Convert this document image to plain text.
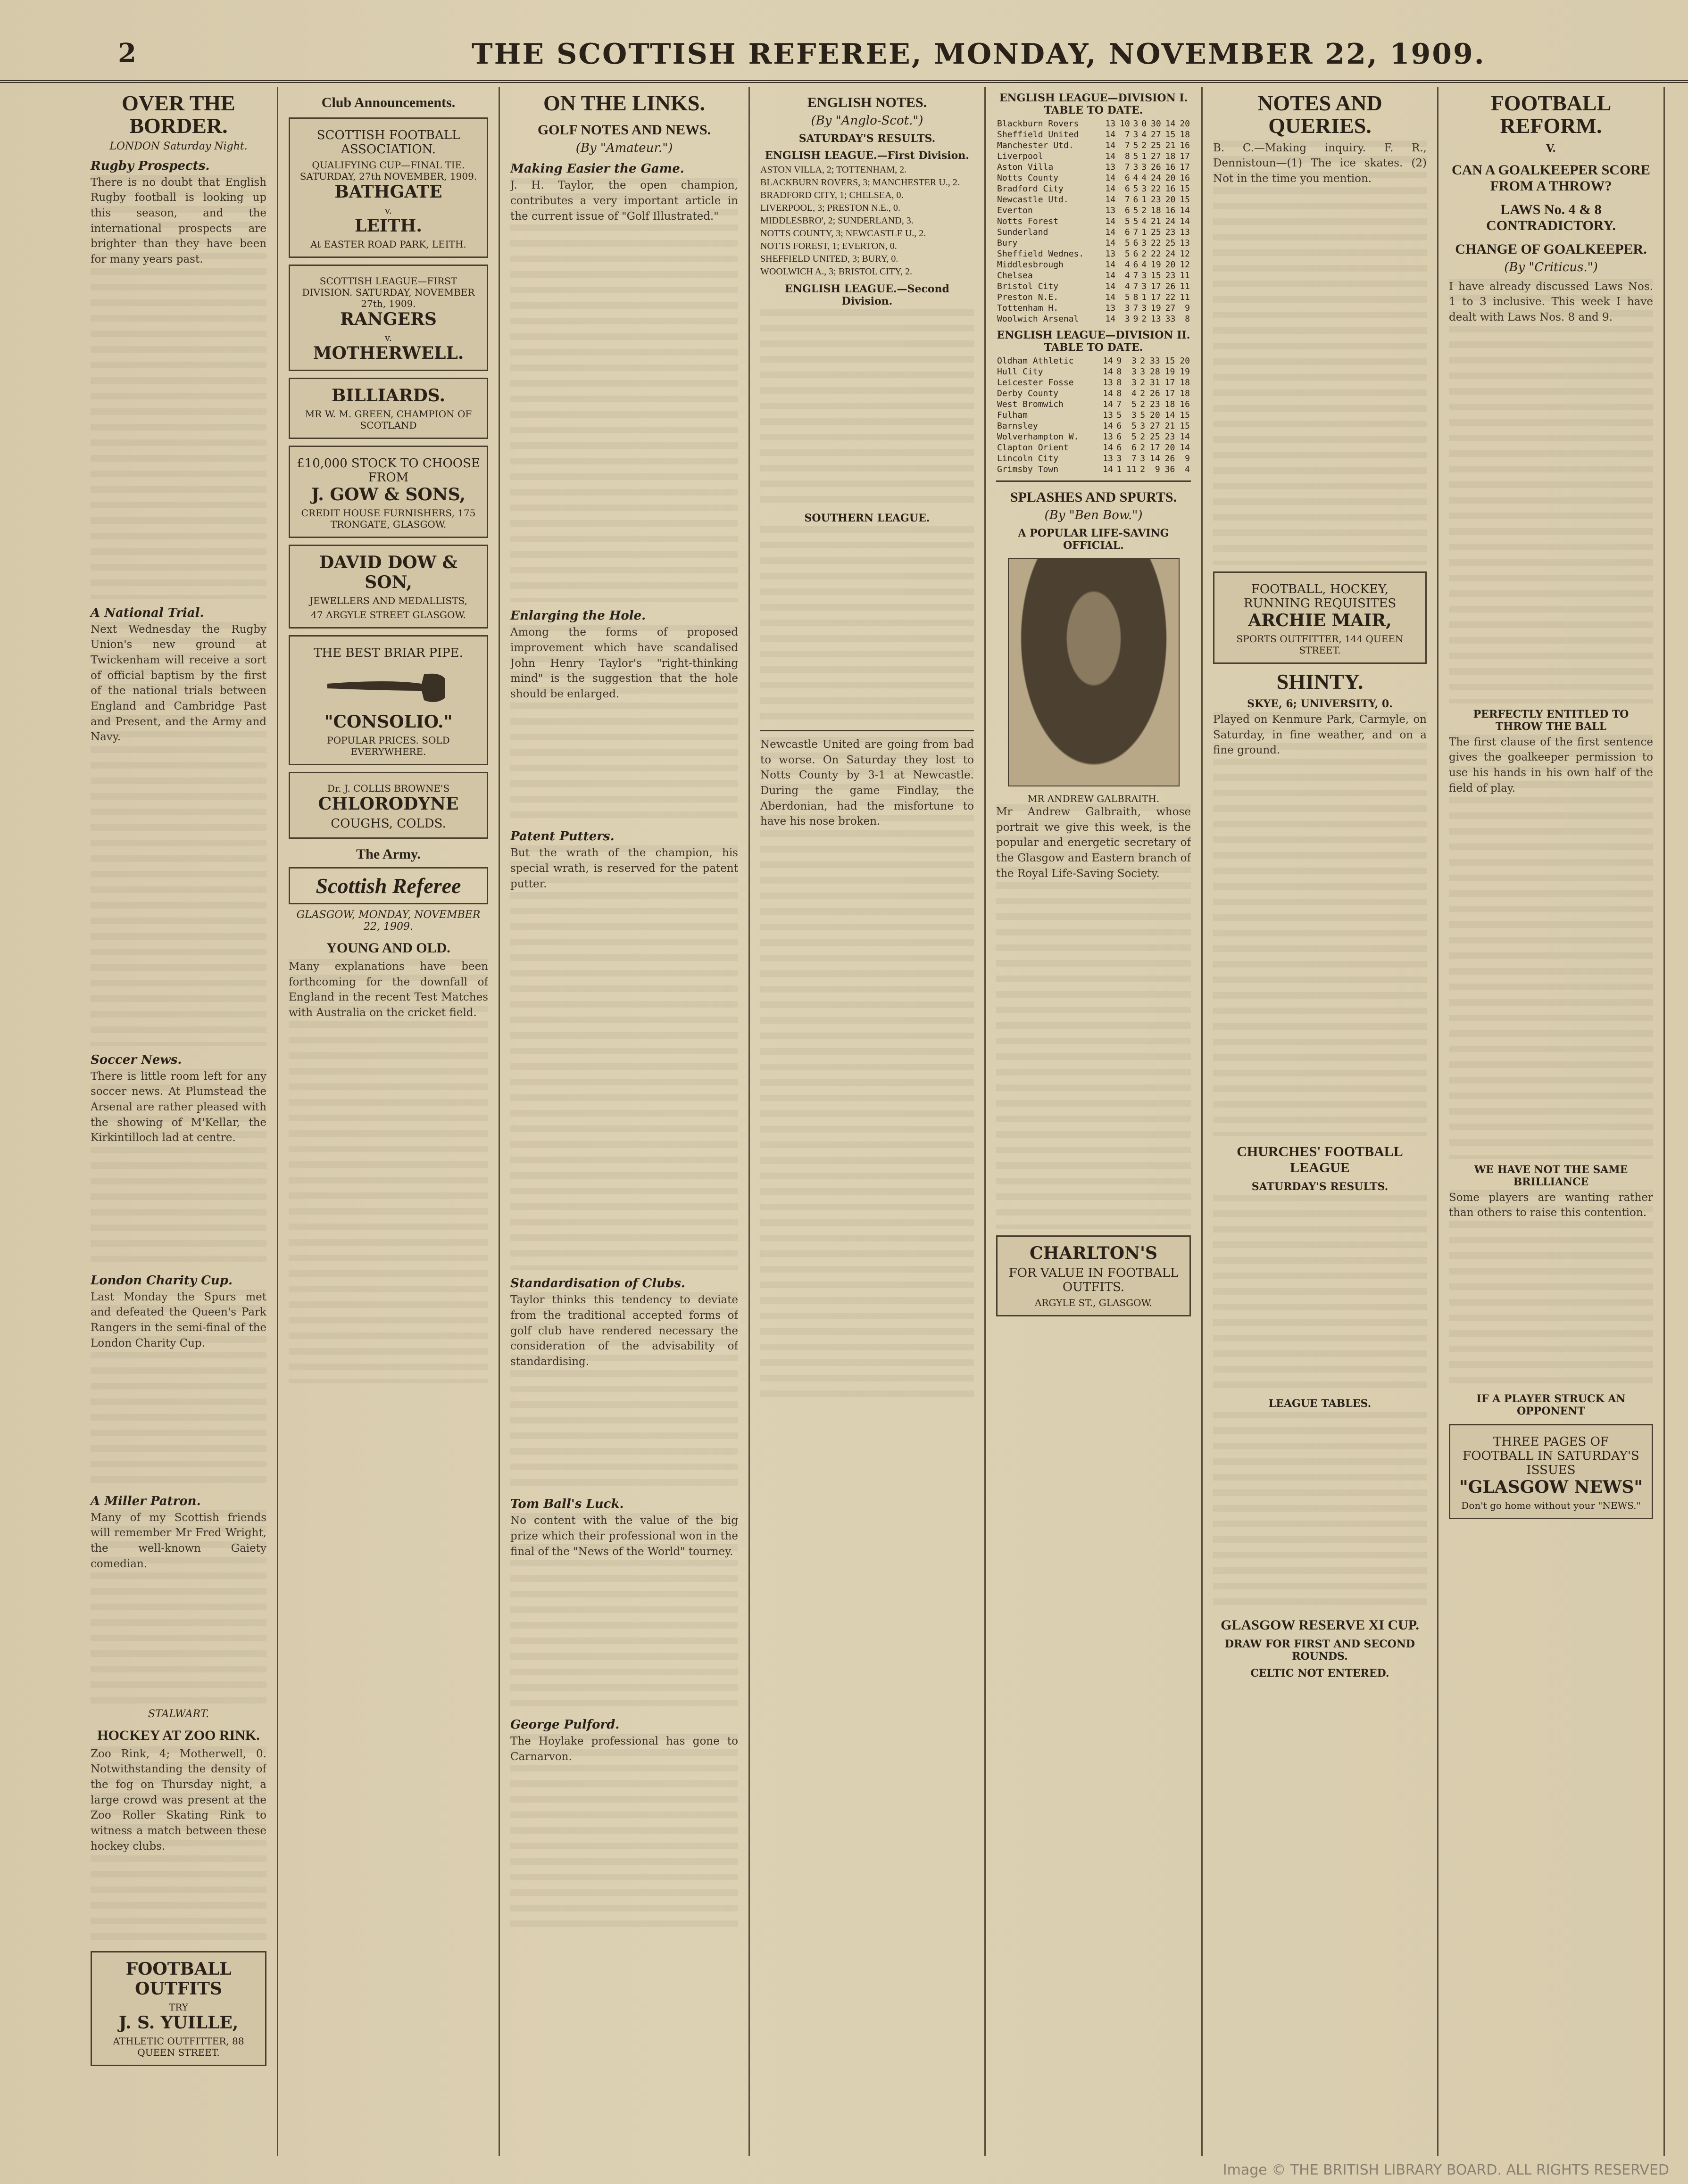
2	THE SCOTTISH REFEREE, MONDAY, NOVEMBER 22, 1909.
OVER THE BORDER.
LONDON Saturday Night.
Rugby Prospects.
There is no doubt that English Rugby football is looking up this season, and the international prospects are brighter than they have been for many years past.
A National Trial.
Next Wednesday the Rugby Union's new ground at Twickenham will receive a sort of official baptism by the first of the national trials between England and Cambridge Past and Present, and the Army and Navy.
Soccer News.
There is little room left for any soccer news. At Plumstead the Arsenal are rather pleased with the showing of M'Kellar, the Kirkintilloch lad at centre.
London Charity Cup.
Last Monday the Spurs met and defeated the Queen's Park Rangers in the semi-final of the London Charity Cup.
A Miller Patron.
Many of my Scottish friends will remember Mr Fred Wright, the well-known Gaiety comedian.
STALWART.
HOCKEY AT ZOO RINK.
Zoo Rink, 4; Motherwell, 0. Notwithstanding the density of the fog on Thursday night, a large crowd was present at the Zoo Roller Skating Rink to witness a match between these hockey clubs.
FOOTBALL OUTFITS
TRY
J. S. YUILLE,
ATHLETIC OUTFITTER, 88 QUEEN STREET.
Club Announcements.
SCOTTISH FOOTBALL ASSOCIATION.
QUALIFYING CUP—FINAL TIE. SATURDAY, 27th NOVEMBER, 1909.
BATHGATE
v.
LEITH.
At EASTER ROAD PARK, LEITH.
SCOTTISH LEAGUE—FIRST DIVISION. SATURDAY, NOVEMBER 27th, 1909.
RANGERS
v.
MOTHERWELL.
BILLIARDS.
MR W. M. GREEN, CHAMPION OF SCOTLAND
£10,000 STOCK TO CHOOSE FROM
J. GOW & SONS,
CREDIT HOUSE FURNISHERS, 175 TRONGATE, GLASGOW.
DAVID DOW & SON,
JEWELLERS AND MEDALLISTS,
47 ARGYLE STREET GLASGOW.
THE BEST BRIAR PIPE.
"CONSOLIO."
POPULAR PRICES. SOLD EVERYWHERE.
Dr. J. COLLIS BROWNE'S
CHLORODYNE
COUGHS, COLDS.
The Army.
Scottish Referee
GLASGOW, MONDAY, NOVEMBER 22, 1909.
YOUNG AND OLD.
Many explanations have been forthcoming for the downfall of England in the recent Test Matches with Australia on the cricket field.
ON THE LINKS.
GOLF NOTES AND NEWS.
(By "Amateur.")
Making Easier the Game.
J. H. Taylor, the open champion, contributes a very important article in the current issue of "Golf Illustrated."
Enlarging the Hole.
Among the forms of proposed improvement which have scandalised John Henry Taylor's "right-thinking mind" is the suggestion that the hole should be enlarged.
Patent Putters.
But the wrath of the champion, his special wrath, is reserved for the patent putter.
Standardisation of Clubs.
Taylor thinks this tendency to deviate from the traditional accepted forms of golf club have rendered necessary the consideration of the advisability of standardising.
Tom Ball's Luck.
No content with the value of the big prize which their professional won in the final of the "News of the World" tourney.
George Pulford.
The Hoylake professional has gone to Carnarvon.
ENGLISH NOTES.
(By "Anglo-Scot.")
SATURDAY'S RESULTS.
ENGLISH LEAGUE.—First Division.
ASTON VILLA, 2; TOTTENHAM, 2.
BLACKBURN ROVERS, 3; MANCHESTER U., 2.
BRADFORD CITY, 1; CHELSEA, 0.
LIVERPOOL, 3; PRESTON N.E., 0.
MIDDLESBRO', 2; SUNDERLAND, 3.
NOTTS COUNTY, 3; NEWCASTLE U., 2.
NOTTS FOREST, 1; EVERTON, 0.
SHEFFIELD UNITED, 3; BURY, 0.
WOOLWICH A., 3; BRISTOL CITY, 2.
ENGLISH LEAGUE.—Second Division.
SOUTHERN LEAGUE.
Newcastle United are going from bad to worse. On Saturday they lost to Notts County by 3-1 at Newcastle. During the game Findlay, the Aberdonian, had the misfortune to have his nose broken.
ENGLISH LEAGUE—DIVISION I. TABLE TO DATE.
Blackburn Rovers	13	10	3	0	30	14	20
Sheffield United	14	7	3	4	27	15	18
Manchester Utd.	14	7	5	2	25	21	16
Liverpool	14	8	5	1	27	18	17
Aston Villa	13	7	3	3	26	16	17
Notts County	14	6	4	4	24	20	16
Bradford City	14	6	5	3	22	16	15
Newcastle Utd.	14	7	6	1	23	20	15
Everton	13	6	5	2	18	16	14
Notts Forest	14	5	5	4	21	24	14
Sunderland	14	6	7	1	25	23	13
Bury	14	5	6	3	22	25	13
Sheffield Wednes.	13	5	6	2	22	24	12
Middlesbrough	14	4	6	4	19	20	12
Chelsea	14	4	7	3	15	23	11
Bristol City	14	4	7	3	17	26	11
Preston N.E.	14	5	8	1	17	22	11
Tottenham H.	13	3	7	3	19	27	9
Woolwich Arsenal	14	3	9	2	13	33	8
ENGLISH LEAGUE—DIVISION II. TABLE TO DATE.
Oldham Athletic	14	9	3	2	33	15	20
Hull City	14	8	3	3	28	19	19
Leicester Fosse	13	8	3	2	31	17	18
Derby County	14	8	4	2	26	17	18
West Bromwich	14	7	5	2	23	18	16
Fulham	13	5	3	5	20	14	15
Barnsley	14	6	5	3	27	21	15
Wolverhampton W.	13	6	5	2	25	23	14
Clapton Orient	14	6	6	2	17	20	14
Lincoln City	13	3	7	3	14	26	9
Grimsby Town	14	1	11	2	9	36	4
SPLASHES AND SPURTS.
(By "Ben Bow.")
A POPULAR LIFE-SAVING OFFICIAL.
MR ANDREW GALBRAITH.
Mr Andrew Galbraith, whose portrait we give this week, is the popular and energetic secretary of the Glasgow and Eastern branch of the Royal Life-Saving Society.
CHARLTON'S
FOR VALUE IN FOOTBALL OUTFITS.
ARGYLE ST., GLASGOW.
NOTES AND QUERIES.
B. C.—Making inquiry. F. R., Dennistoun—(1) The ice skates. (2) Not in the time you mention.
FOOTBALL, HOCKEY, RUNNING REQUISITES
ARCHIE MAIR,
SPORTS OUTFITTER, 144 QUEEN STREET.
SHINTY.
SKYE, 6; UNIVERSITY, 0.
Played on Kenmure Park, Carmyle, on Saturday, in fine weather, and on a fine ground.
CHURCHES' FOOTBALL LEAGUE
SATURDAY'S RESULTS.
LEAGUE TABLES.
GLASGOW RESERVE XI CUP.
DRAW FOR FIRST AND SECOND ROUNDS.
CELTIC NOT ENTERED.
FOOTBALL REFORM.
V.
CAN A GOALKEEPER SCORE FROM A THROW?
LAWS No. 4 & 8 CONTRADICTORY.
CHANGE OF GOALKEEPER.
(By "Criticus.")
I have already discussed Laws Nos. 1 to 3 inclusive. This week I have dealt with Laws Nos. 8 and 9.
PERFECTLY ENTITLED TO THROW THE BALL
The first clause of the first sentence gives the goalkeeper permission to use his hands in his own half of the field of play.
WE HAVE NOT THE SAME BRILLIANCE
Some players are wanting rather than others to raise this contention.
IF A PLAYER STRUCK AN OPPONENT
THREE PAGES OF FOOTBALL IN SATURDAY'S ISSUES
"GLASGOW NEWS"
Don't go home without your "NEWS."
Image © THE BRITISH LIBRARY BOARD. ALL RIGHTS RESERVED
